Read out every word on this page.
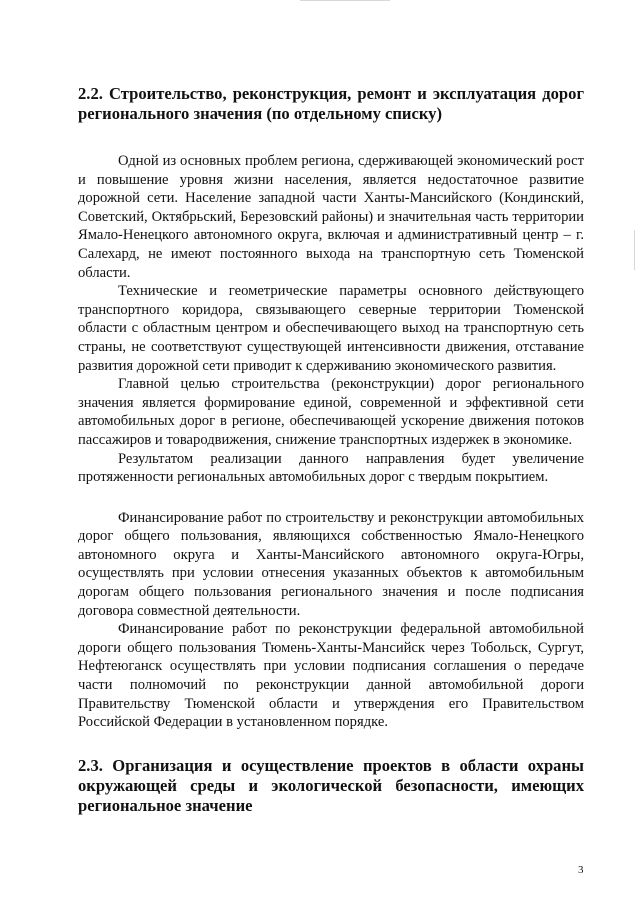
2.2. Строительство, реконструкция, ремонт и эксплуатация дорог регионального значения (по отдельному списку)

Одной из основных проблем региона, сдерживающей экономический рост и повышение уровня жизни населения, является недостаточное развитие дорожной сети. Население западной части Ханты-Мансийского (Кондинский, Советский, Октябрьский, Березовский районы) и значительная часть территории Ямало-Ненецкого автономного округа, включая и административный центр – г. Салехард, не имеют постоянного выхода на транспортную сеть Тюменской области.

Технические и геометрические параметры основного действующего транспортного коридора, связывающего северные территории Тюменской области с областным центром и обеспечивающего выход на транспортную сеть страны, не соответствуют существующей интенсивности движения, отставание развития дорожной сети приводит к сдерживанию экономического развития.

Главной целью строительства (реконструкции) дорог регионального значения является формирование единой, современной и эффективной сети автомобильных дорог в регионе, обеспечивающей ускорение движения потоков пассажиров и товародвижения, снижение транспортных издержек в экономике.

Результатом реализации данного направления будет увеличение протяженности региональных автомобильных дорог с твердым покрытием.

Финансирование работ по строительству и реконструкции автомобильных дорог общего пользования, являющихся собственностью Ямало-Ненецкого автономного округа и Ханты-Мансийского автономного округа-Югры, осуществлять при условии отнесения указанных объектов к автомобильным дорогам общего пользования регионального значения и после подписания договора совместной деятельности.

Финансирование работ по реконструкции федеральной автомобильной дороги общего пользования Тюмень-Ханты-Мансийск через Тобольск, Сургут, Нефтеюганск осуществлять при условии подписания соглашения о передаче части полномочий по реконструкции данной автомобильной дороги Правительству Тюменской области и утверждения его Правительством Российской Федерации в установленном порядке.

2.3. Организация и осуществление проектов в области охраны окружающей среды и экологической безопасности, имеющих региональное значение
3
